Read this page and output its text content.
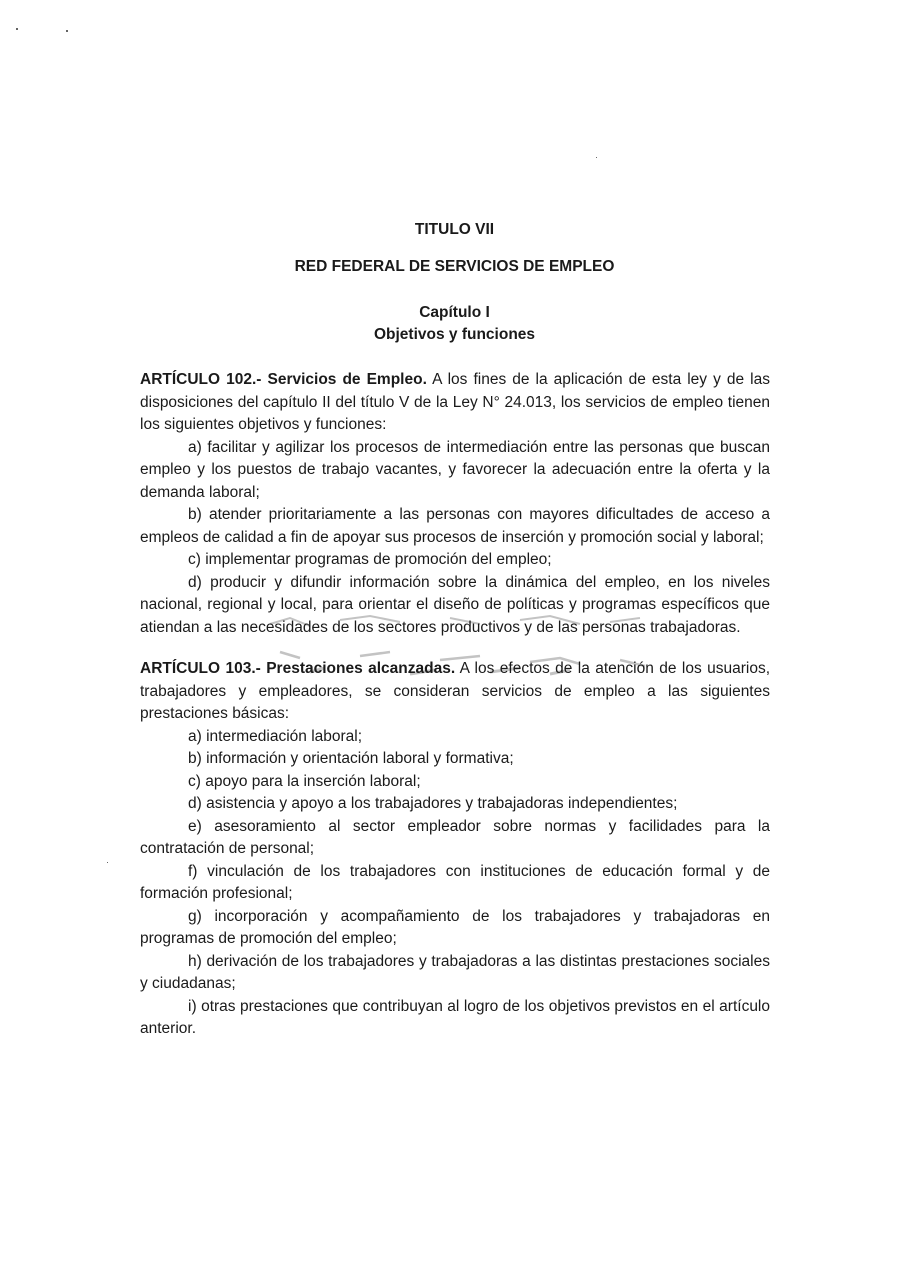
TITULO VII
RED FEDERAL DE SERVICIOS DE EMPLEO
Capítulo I
Objetivos y funciones

ARTÍCULO 102.- Servicios de Empleo. A los fines de la aplicación de esta ley y de las disposiciones del capítulo II del título V de la Ley N° 24.013, los servicios de empleo tienen los siguientes objetivos y funciones:

a) facilitar y agilizar los procesos de intermediación entre las personas que buscan empleo y los puestos de trabajo vacantes, y favorecer la adecuación entre la oferta y la demanda laboral;

b) atender prioritariamente a las personas con mayores dificultades de acceso a empleos de calidad a fin de apoyar sus procesos de inserción y promoción social y laboral;

c) implementar programas de promoción del empleo;

d) producir y difundir información sobre la dinámica del empleo, en los niveles nacional, regional y local, para orientar el diseño de políticas y programas específicos que atiendan a las necesidades de los sectores productivos y de las personas trabajadoras.

ARTÍCULO 103.- Prestaciones alcanzadas. A los efectos de la atención de los usuarios, trabajadores y empleadores, se consideran servicios de empleo a las siguientes prestaciones básicas:

a) intermediación laboral;

b) información y orientación laboral y formativa;

c) apoyo para la inserción laboral;

d) asistencia y apoyo a los trabajadores y trabajadoras independientes;

e) asesoramiento al sector empleador sobre normas y facilidades para la contratación de personal;

f) vinculación de los trabajadores con instituciones de educación formal y de formación profesional;

g) incorporación y acompañamiento de los trabajadores y trabajadoras en programas de promoción del empleo;

h) derivación de los trabajadores y trabajadoras a las distintas prestaciones sociales y ciudadanas;

i) otras prestaciones que contribuyan al logro de los objetivos previstos en el artículo anterior.
